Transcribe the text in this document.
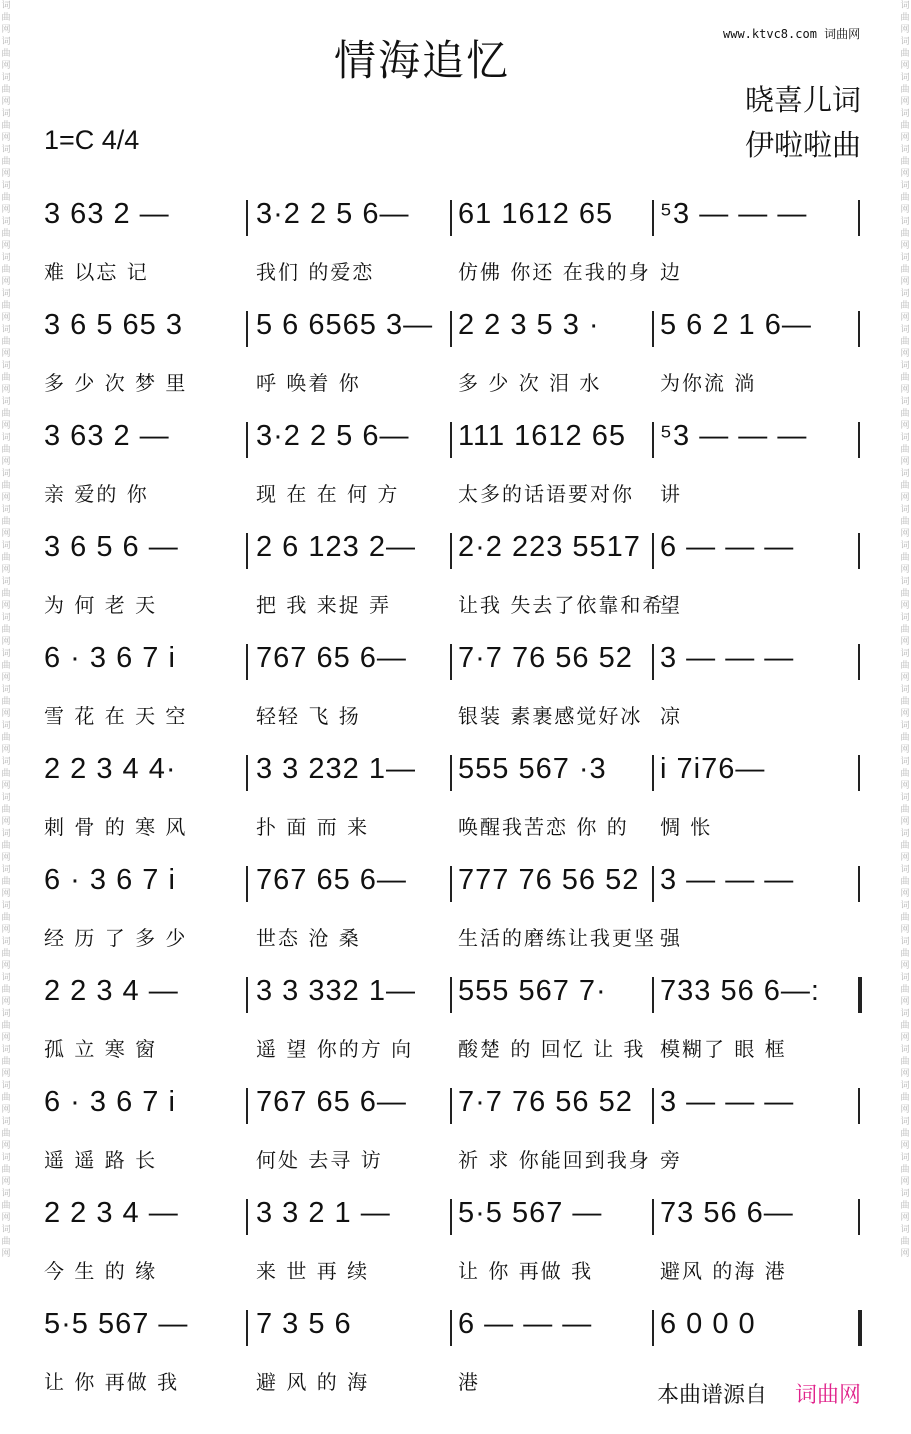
词曲网词曲网词曲网词曲网词曲网词曲网词曲网词曲网词曲网词曲网词曲网词曲网词曲网词曲网词曲网词曲网词曲网词曲网词曲网词曲网词曲网词曲网词曲网词曲网词曲网词曲网词曲网词曲网词曲网词曲网词曲网词曲网词曲网词曲网词曲网
词曲网词曲网词曲网词曲网词曲网词曲网词曲网词曲网词曲网词曲网词曲网词曲网词曲网词曲网词曲网词曲网词曲网词曲网词曲网词曲网词曲网词曲网词曲网词曲网词曲网词曲网词曲网词曲网词曲网词曲网词曲网词曲网词曲网词曲网词曲网
www.ktvc8.com 词曲网
情海追忆
晓喜儿词
伊啦啦曲
1=C 4/4
3 63 2 —
难 以忘 记
3·2 2 5 6—
我们 的爱恋
61 1612 65
仿佛 你还 在我的身
⁵3 — — —
边
3 6 5 65 3
多 少 次 梦 里
5 6 6565 3—
呼 唤着 你
2 2 3 5 3 ·
多 少 次 泪 水
5 6 2 1 6—
为你流 淌
3 63 2 —
亲 爱的 你
3·2 2 5 6—
现 在 在 何 方
111 1612 65
太多的话语要对你
⁵3 — — —
讲
3 6 5 6 —
为 何 老 天
2 6 123 2—
把 我 来捉 弄
2·2 223 5517
让我 失去了依靠和希
6 — — —
望
6 · 3 6 7 i
雪 花 在 天 空
767 65 6—
轻轻 飞 扬
7·7 76 56 52
银装 素裹感觉好冰
3 — — —
凉
2 2 3 4 4·
刺 骨 的 寒 风
3 3 232 1—
扑 面 而 来
555 567 ·3
唤醒我苦恋 你 的
i 7i76—
惆 怅
6 · 3 6 7 i
经 历 了 多 少
767 65 6—
世态 沧 桑
777 76 56 52
生活的磨练让我更坚
3 — — —
强
2 2 3 4 —
孤 立 寒 窗
3 3 332 1—
遥 望 你的方 向
555 567 7·
酸楚 的 回忆 让 我
733 56 6—:
模糊了 眼 框
6 · 3 6 7 i
遥 遥 路 长
767 65 6—
何处 去寻 访
7·7 76 56 52
祈 求 你能回到我身
3 — — —
旁
2 2 3 4 —
今 生 的 缘
3 3 2 1 —
来 世 再 续
5·5 567 —
让 你 再做 我
73 56 6—
避风 的海 港
5·5 567 —
让 你 再做 我
7 3 5 6
避 风 的 海
6 — — —
港
6 0 0 0
本曲谱源自 词曲网
